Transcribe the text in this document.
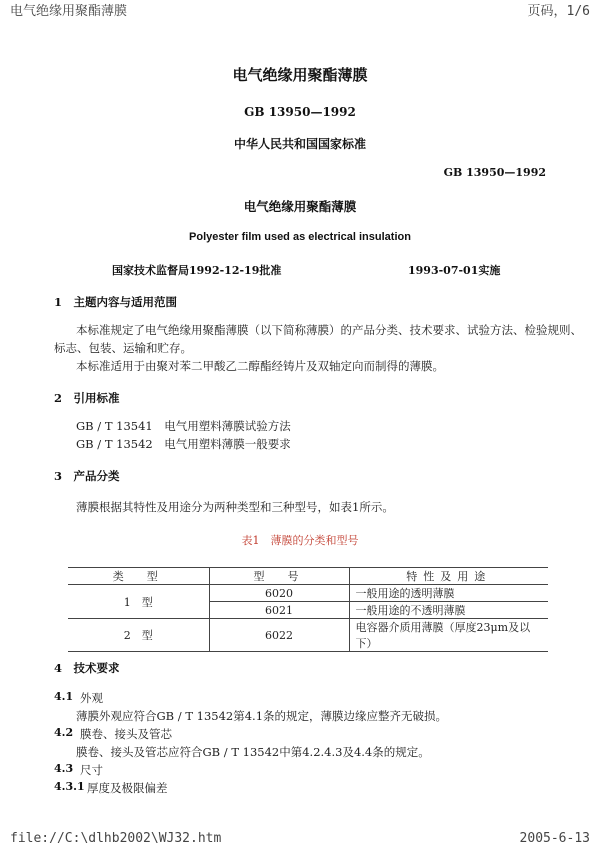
电气绝缘用聚酯薄膜	页码，1/6
电气绝缘用聚酯薄膜
GB 13950—1992
中华人民共和国国家标准
GB 13950—1992
电气绝缘用聚酯薄膜
Polyester film used as electrical insulation
国家技术监督局1992-12-19批准	1993-07-01实施
1　主题内容与适用范围
本标准规定了电气绝缘用聚酯薄膜（以下简称薄膜）的产品分类、技术要求、试验方法、检验规则、
标志、包装、运输和贮存。
本标准适用于由聚对苯二甲酸乙二醇酯经铸片及双轴定向而制得的薄膜。
2　引用标准
GB / T 13541　电气用塑料薄膜试验方法
GB / T 13542　电气用塑料薄膜一般要求
3　产品分类
薄膜根据其特性及用途分为两种类型和三种型号，如表1所示。
表1　薄膜的分类和型号
类　型	型　号	特性及用途
1　型	6020	一般用途的透明薄膜
	6021	一般用途的不透明薄膜
2　型	6022	电容器介质用薄膜（厚度23μm及以下）
4　技术要求
4.1 外观
薄膜外观应符合GB / T 13542第4.1条的规定，薄膜边缘应整齐无破损。
4.2 膜卷、接头及管芯
膜卷、接头及管芯应符合GB / T 13542中第4.2.4.3及4.4条的规定。
4.3 尺寸
4.3.1 厚度及极限偏差
file://C:\dlhb2002\WJ32.htm	2005-6-13
